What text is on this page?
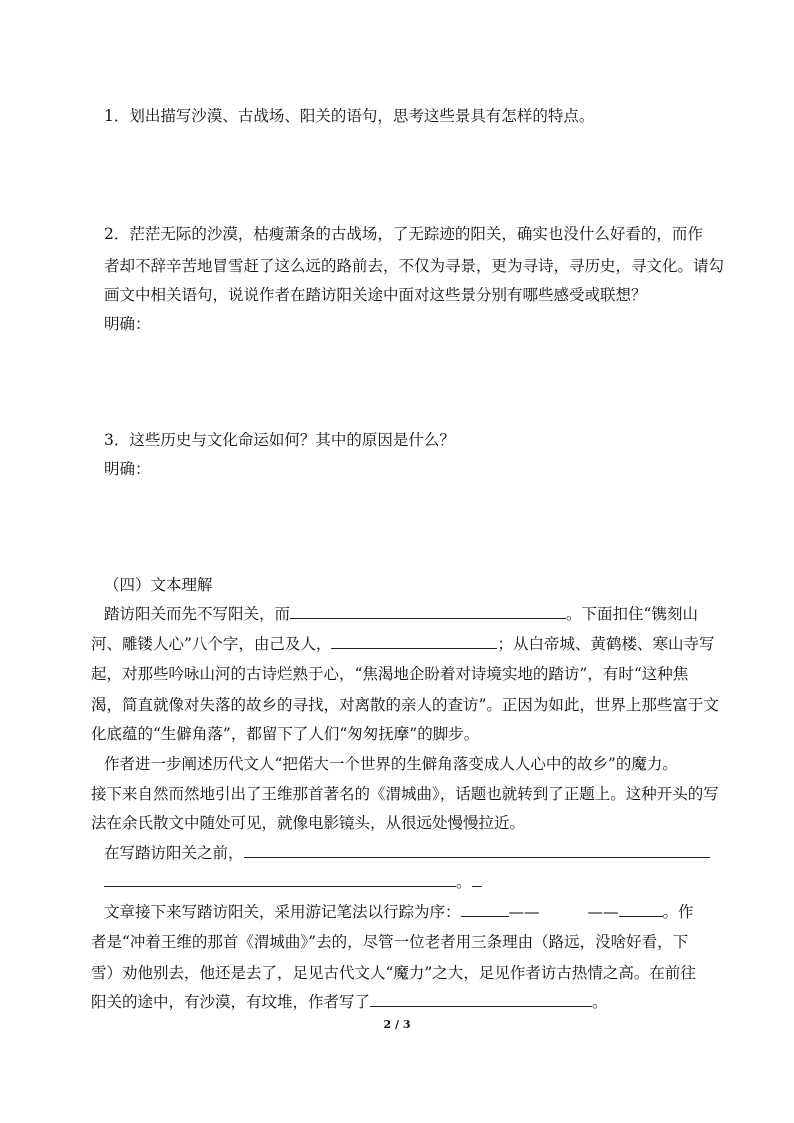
1．划出描写沙漠、古战场、阳关的语句，思考这些景具有怎样的特点。
2．茫茫无际的沙漠，枯瘦萧条的古战场，了无踪迹的阳关，确实也没什么好看的，而作
者却不辞辛苦地冒雪赶了这么远的路前去，不仅为寻景，更为寻诗，寻历史，寻文化。请勾
画文中相关语句，说说作者在踏访阳关途中面对这些景分别有哪些感受或联想？
明确：
3．这些历史与文化命运如何？其中的原因是什么？
明确：
（四）文本理解
踏访阳关而先不写阳关，而	。下面扣住“镌刻山
河、雕镂人心”八个字，由己及人，	；从白帝城、黄鹤楼、寒山寺写
起，对那些吟咏山河的古诗烂熟于心，“焦渴地企盼着对诗境实地的踏访”，有时“这种焦
渴，简直就像对失落的故乡的寻找，对离散的亲人的查访”。正因为如此，世界上那些富于文
化底蕴的“生僻角落”，都留下了人们“匆匆抚摩”的脚步。
作者进一步阐述历代文人“把偌大一个世界的生僻角落变成人人心中的故乡”的魔力。
接下来自然而然地引出了王维那首著名的《渭城曲》，话题也就转到了正题上。这种开头的写
法在余氏散文中随处可见，就像电影镜头，从很远处慢慢拉近。
在写踏访阳关之前，
。
文章接下来写踏访阳关，采用游记笔法以行踪为序：	——	——	。作
者是“冲着王维的那首《渭城曲》”去的，尽管一位老者用三条理由（路远，没啥好看，下
雪）劝他别去，他还是去了，足见古代文人“魔力”之大，足见作者访古热情之高。在前往
阳关的途中，有沙漠，有坟堆，作者写了	。
2 / 3
